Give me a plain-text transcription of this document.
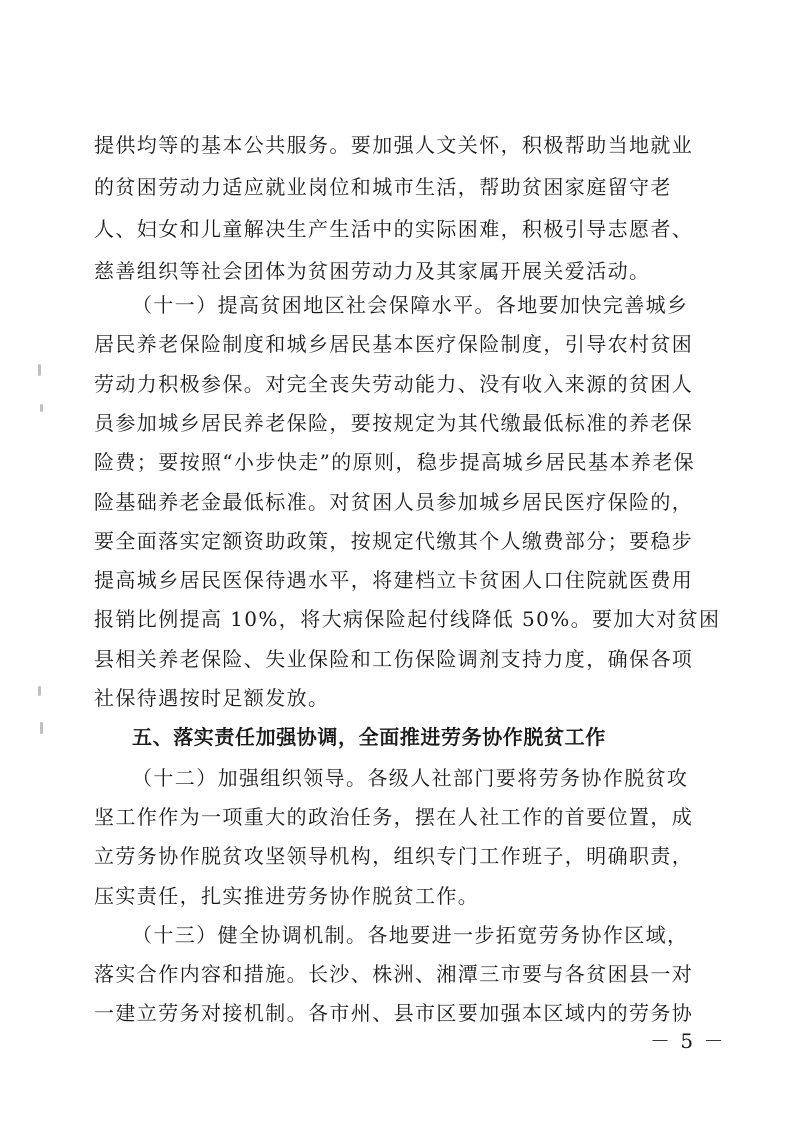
提供均等的基本公共服务。要加强人文关怀，积极帮助当地就业
的贫困劳动力适应就业岗位和城市生活，帮助贫困家庭留守老
人、妇女和儿童解决生产生活中的实际困难，积极引导志愿者、
慈善组织等社会团体为贫困劳动力及其家属开展关爱活动。
（十一）提高贫困地区社会保障水平。各地要加快完善城乡
居民养老保险制度和城乡居民基本医疗保险制度，引导农村贫困
劳动力积极参保。对完全丧失劳动能力、没有收入来源的贫困人
员参加城乡居民养老保险，要按规定为其代缴最低标准的养老保
险费；要按照“小步快走”的原则，稳步提高城乡居民基本养老保
险基础养老金最低标准。对贫困人员参加城乡居民医疗保险的，
要全面落实定额资助政策，按规定代缴其个人缴费部分；要稳步
提高城乡居民医保待遇水平，将建档立卡贫困人口住院就医费用
报销比例提高 10%，将大病保险起付线降低 50%。要加大对贫困
县相关养老保险、失业保险和工伤保险调剂支持力度，确保各项
社保待遇按时足额发放。
五、落实责任加强协调，全面推进劳务协作脱贫工作
（十二）加强组织领导。各级人社部门要将劳务协作脱贫攻
坚工作作为一项重大的政治任务，摆在人社工作的首要位置，成
立劳务协作脱贫攻坚领导机构，组织专门工作班子，明确职责，
压实责任，扎实推进劳务协作脱贫工作。
（十三）健全协调机制。各地要进一步拓宽劳务协作区域，
落实合作内容和措施。长沙、株洲、湘潭三市要与各贫困县一对
一建立劳务对接机制。各市州、县市区要加强本区域内的劳务协
－ 5 －
